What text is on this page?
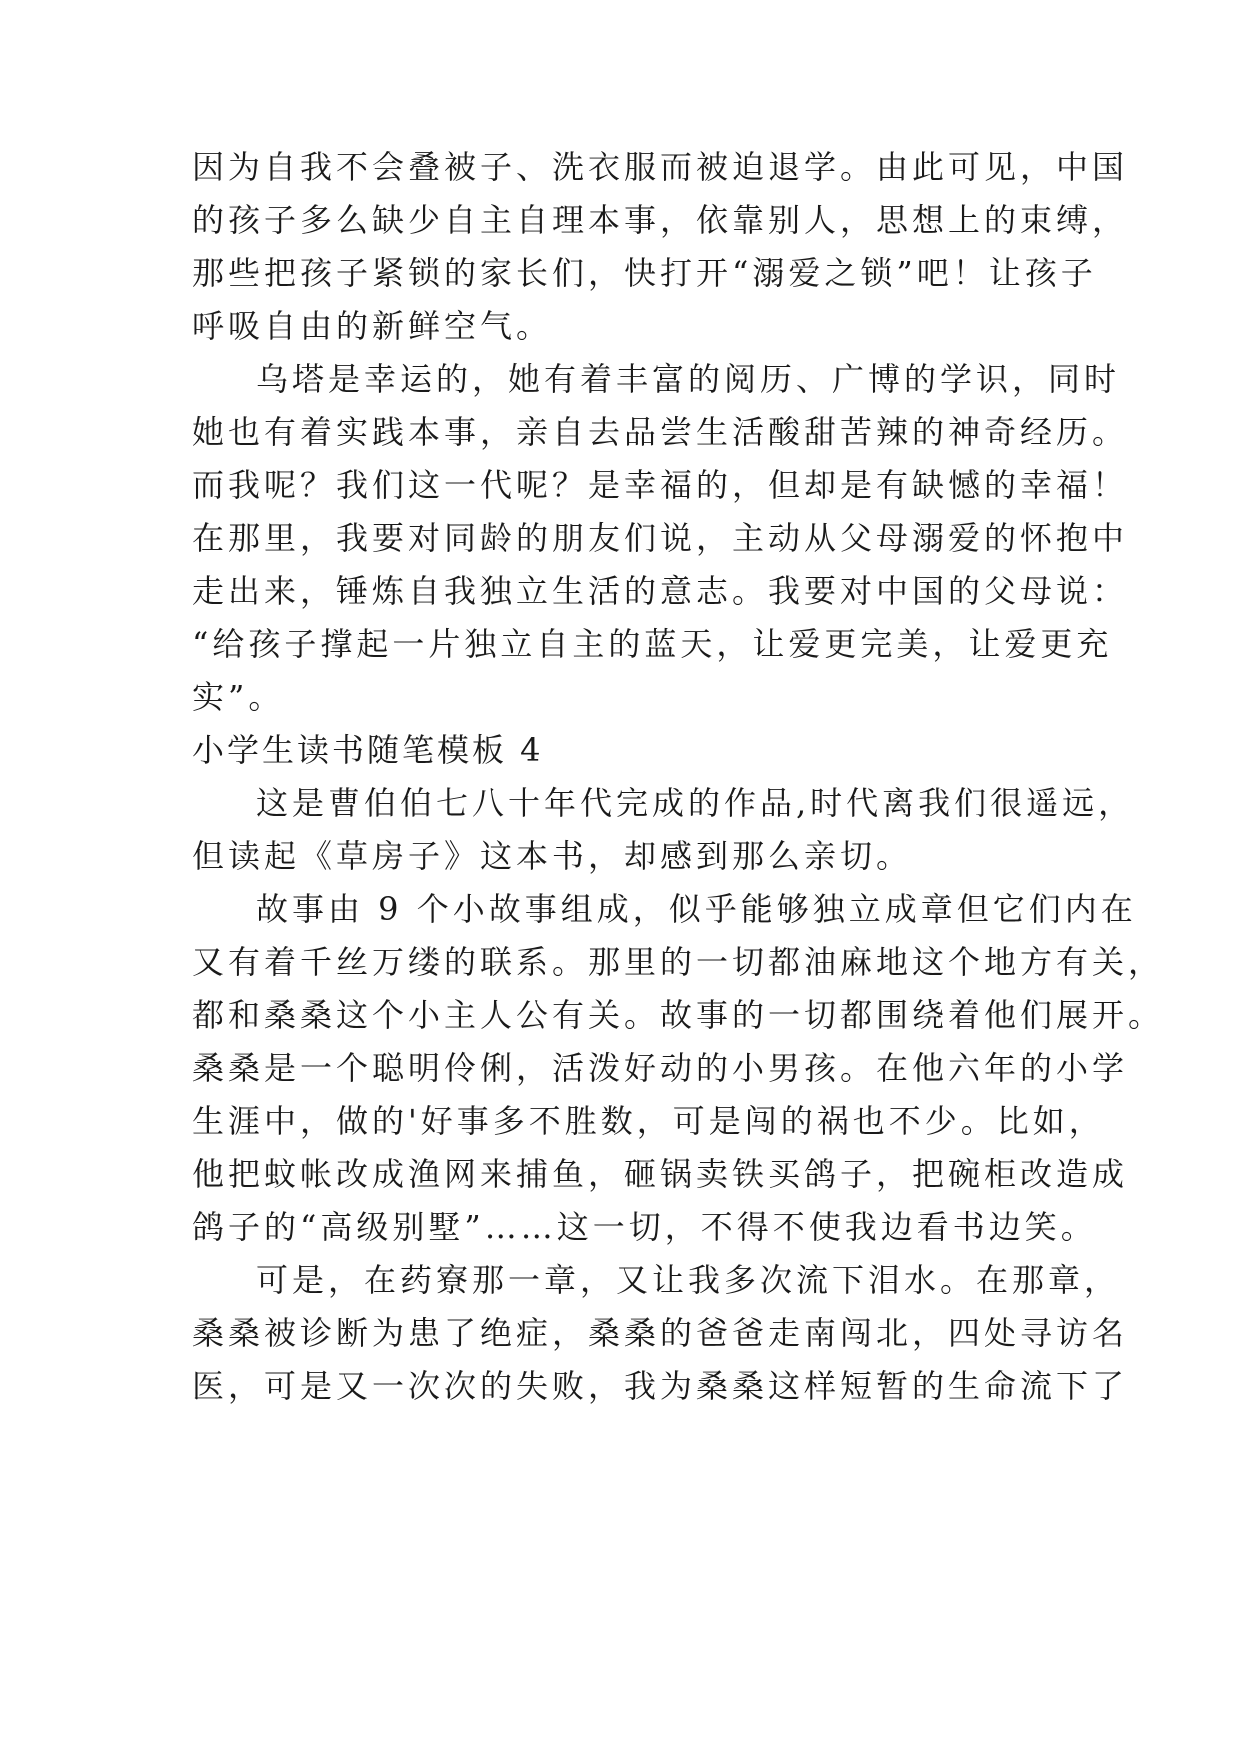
因为自我不会叠被子、洗衣服而被迫退学。由此可见，中国
的孩子多么缺少自主自理本事，依靠别人，思想上的束缚，
那些把孩子紧锁的家长们，快打开“溺爱之锁”吧！让孩子
呼吸自由的新鲜空气。
乌塔是幸运的，她有着丰富的阅历、广博的学识，同时
她也有着实践本事，亲自去品尝生活酸甜苦辣的神奇经历。
而我呢？我们这一代呢？是幸福的，但却是有缺憾的幸福！
在那里，我要对同龄的朋友们说，主动从父母溺爱的怀抱中
走出来，锤炼自我独立生活的意志。我要对中国的父母说：
“给孩子撑起一片独立自主的蓝天，让爱更完美，让爱更充
实”。
小学生读书随笔模板 4
这是曹伯伯七八十年代完成的作品,时代离我们很遥远，
但读起《草房子》这本书，却感到那么亲切。
故事由 9 个小故事组成，似乎能够独立成章但它们内在
又有着千丝万缕的联系。那里的一切都油麻地这个地方有关，
都和桑桑这个小主人公有关。故事的一切都围绕着他们展开。
桑桑是一个聪明伶俐，活泼好动的小男孩。在他六年的小学
生涯中，做的'好事多不胜数，可是闯的祸也不少。比如，
他把蚊帐改成渔网来捕鱼，砸锅卖铁买鸽子，把碗柜改造成
鸽子的“高级别墅”……这一切，不得不使我边看书边笑。
可是，在药寮那一章，又让我多次流下泪水。在那章，
桑桑被诊断为患了绝症，桑桑的爸爸走南闯北，四处寻访名
医，可是又一次次的失败，我为桑桑这样短暂的生命流下了
